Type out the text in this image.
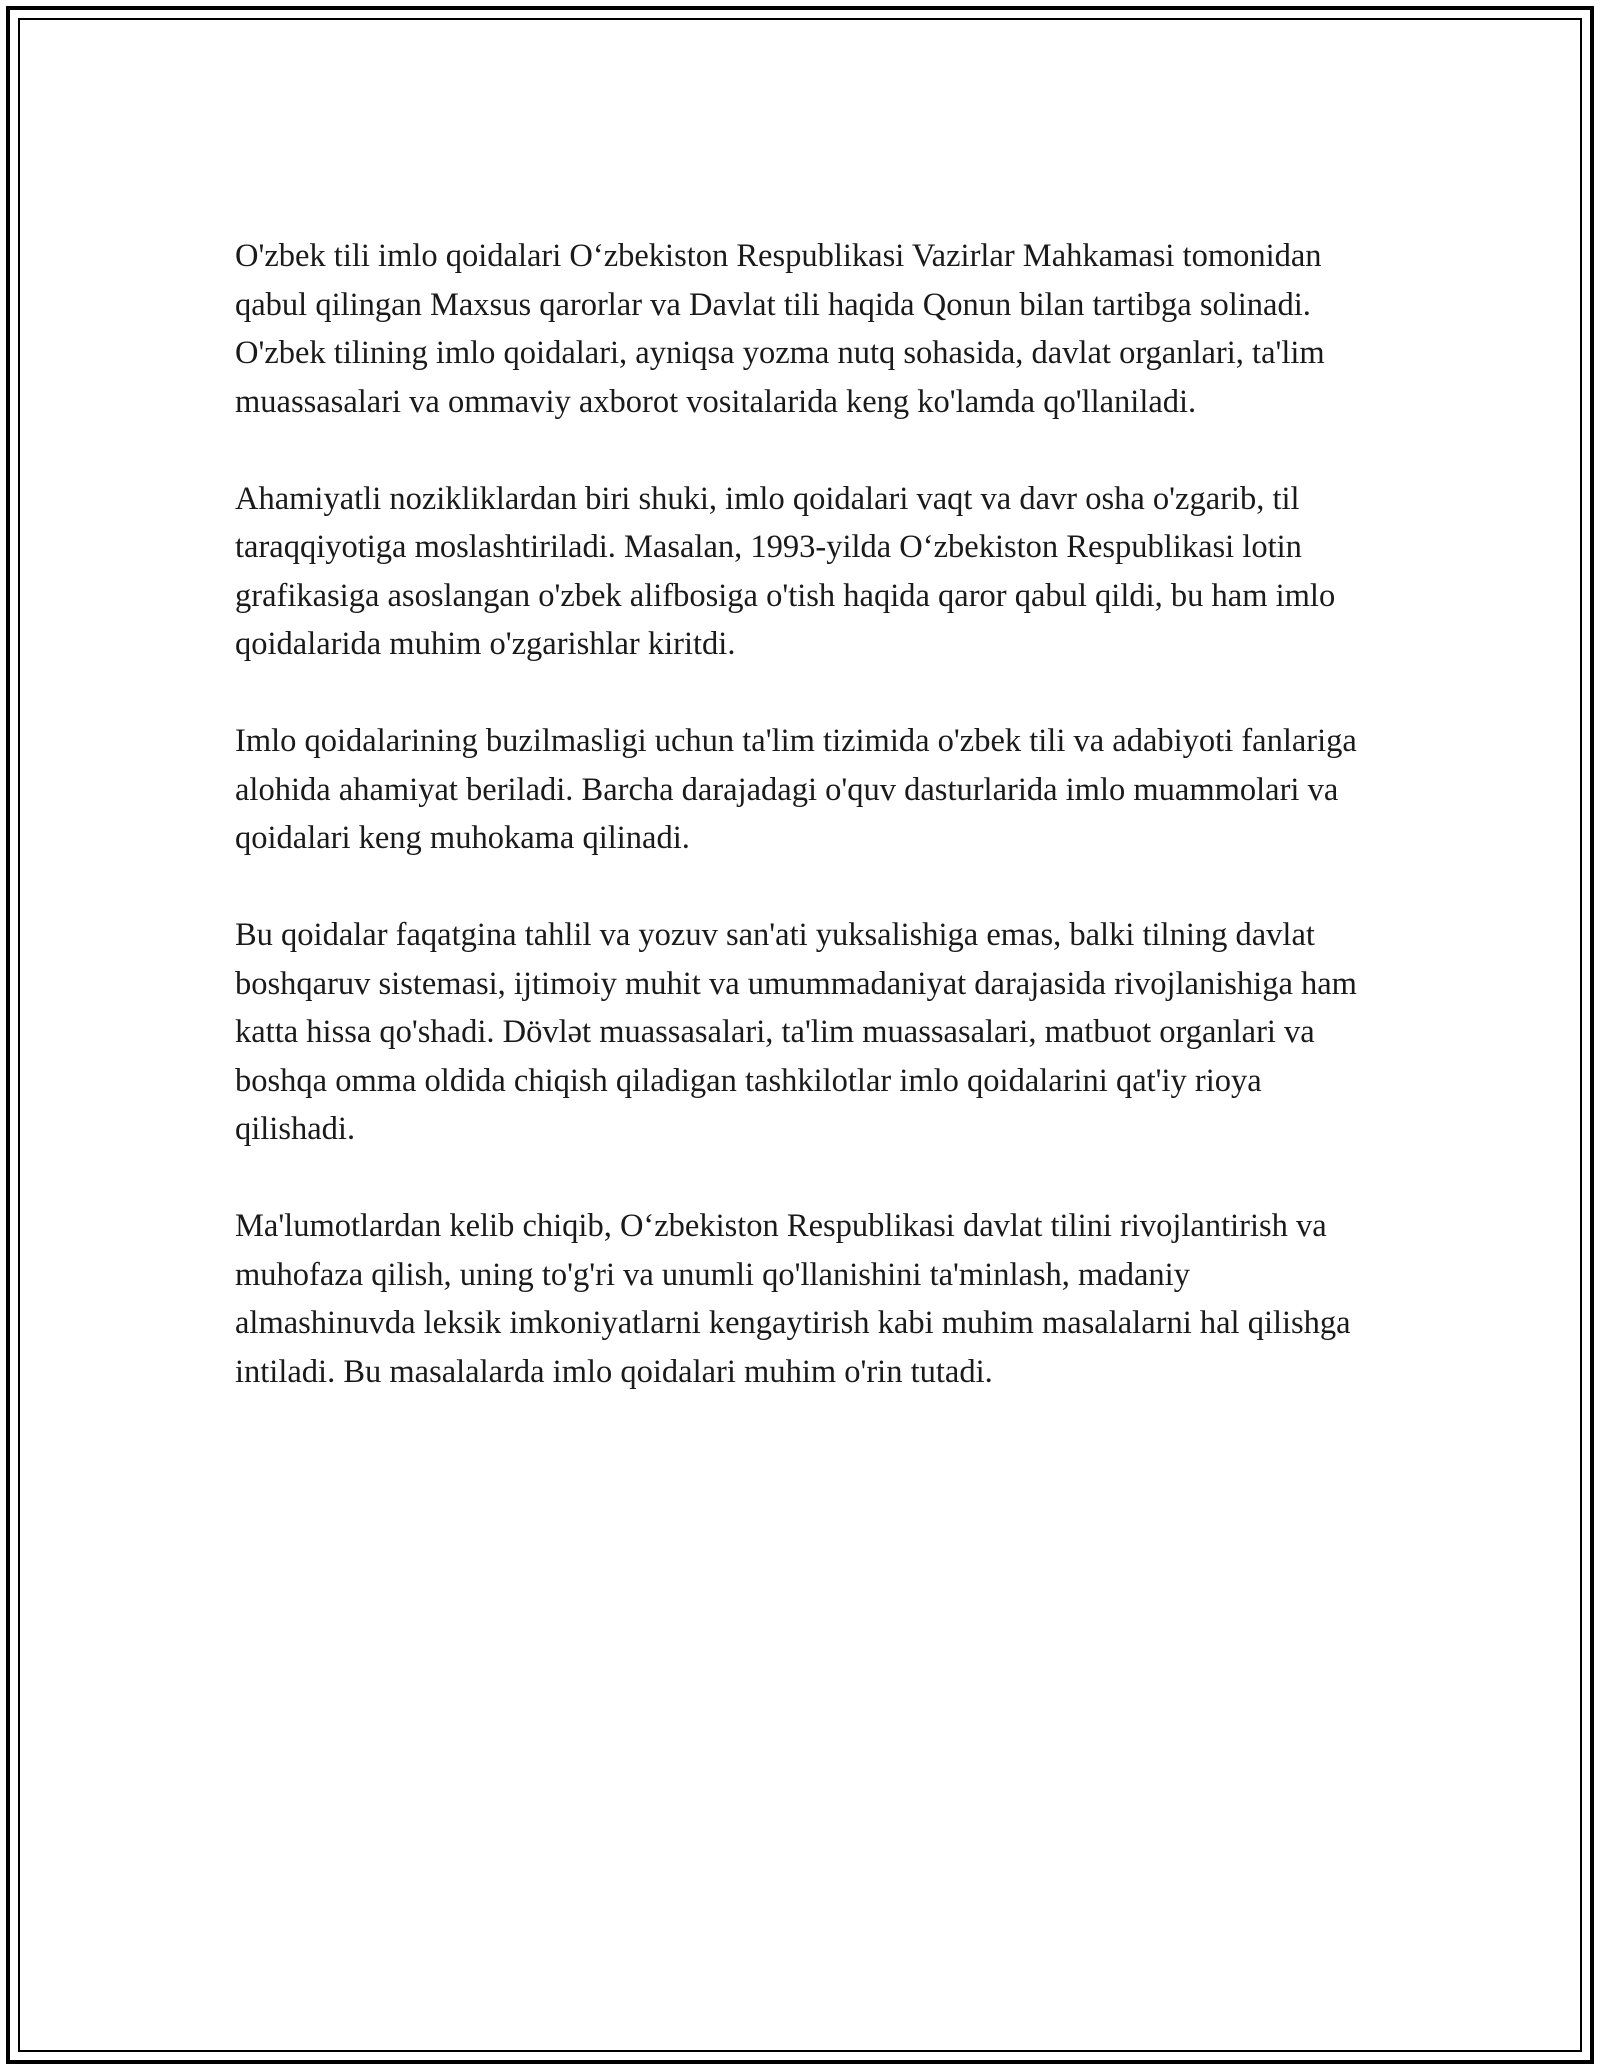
O'zbek tili imlo qoidalari Oʻzbekiston Respublikasi Vazirlar Mahkamasi tomonidan qabul qilingan Maxsus qarorlar va Davlat tili haqida Qonun bilan tartibga solinadi. O'zbek tilining imlo qoidalari, ayniqsa yozma nutq sohasida, davlat organlari, ta'lim muassasalari va ommaviy axborot vositalarida keng ko'lamda qo'llaniladi.

Ahamiyatli nozikliklardan biri shuki, imlo qoidalari vaqt va davr osha o'zgarib, til taraqqiyotiga moslashtiriladi. Masalan, 1993-yilda Oʻzbekiston Respublikasi lotin grafikasiga asoslangan o'zbek alifbosiga o'tish haqida qaror qabul qildi, bu ham imlo qoidalarida muhim o'zgarishlar kiritdi.

Imlo qoidalarining buzilmasligi uchun ta'lim tizimida o'zbek tili va adabiyoti fanlariga alohida ahamiyat beriladi. Barcha darajadagi o'quv dasturlarida imlo muammolari va qoidalari keng muhokama qilinadi.

Bu qoidalar faqatgina tahlil va yozuv san'ati yuksalishiga emas, balki tilning davlat boshqaruv sistemasi, ijtimoiy muhit va umummadaniyat darajasida rivojlanishiga ham katta hissa qo'shadi. Dövlət muassasalari, ta'lim muassasalari, matbuot organlari va boshqa omma oldida chiqish qiladigan tashkilotlar imlo qoidalarini qat'iy rioya qilishadi.

Ma'lumotlardan kelib chiqib, Oʻzbekiston Respublikasi davlat tilini rivojlantirish va muhofaza qilish, uning to'g'ri va unumli qo'llanishini ta'minlash, madaniy almashinuvda leksik imkoniyatlarni kengaytirish kabi muhim masalalarni hal qilishga intiladi. Bu masalalarda imlo qoidalari muhim o'rin tutadi.
